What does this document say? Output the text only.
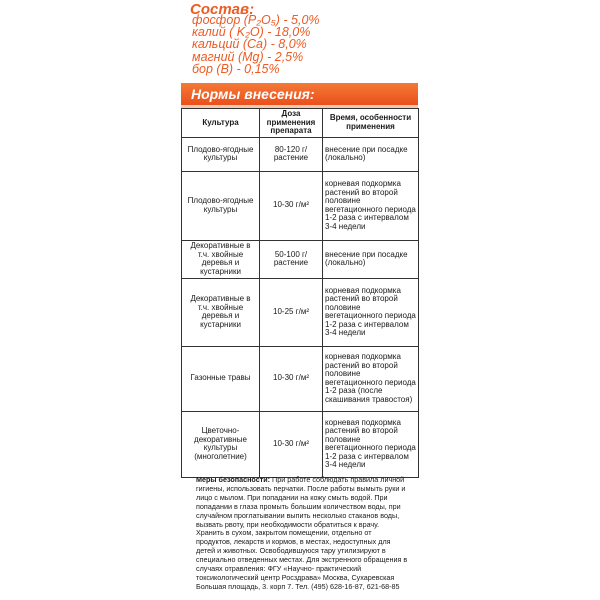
Состав:
фосфор (P₂O₅) - 5,0%
калий ( K₂O) - 18,0%
кальций (Ca) - 8,0%
магний (Mg) - 2,5%
бор (B) - 0,15%
Нормы внесения:
Культура	Доза применения препарата	Время, особенности применения
Плодово-ягодные культуры	80-120 г/растение	внесение при посадке (локально)
Плодово-ягодные культуры	10-30 г/м²	корневая подкормка растений во второй половине вегетационного периода 1-2 раза с интервалом 3-4 недели
Декоративные в т.ч. хвойные деревья и кустарники	50-100 г/растение	внесение при посадке (локально)
Декоративные в т.ч. хвойные деревья и кустарники	10-25 г/м²	корневая подкормка растений во второй половине вегетационного периода 1-2 раза с интервалом 3-4 недели
Газонные травы	10-30 г/м²	корневая подкормка растений во второй половине вегетационного периода 1-2 раза (после скашивания травостоя)
Цветочно-декоративные культуры (многолетние)	10-30 г/м²	корневая подкормка растений во второй половине вегетационного периода 1-2 раза с интервалом 3-4 недели
Меры безопасности: При работе соблюдать правила личной гигиены, использовать перчатки. После работы вымыть руки и лицо с мылом. При попадании на кожу смыть водой. При попадании в глаза промыть большим количеством воды, при случайном проглатывании выпить несколько стаканов воды, вызвать рвоту, при необходимости обратиться к врачу. Хранить в сухом, закрытом помещении, отдельно от продуктов, лекарств и кормов, в местах, недоступных для детей и животных. Освободившуюся тару утилизируют в специально отведенных местах. Для экстренного обращения в случаях отравления: ФГУ «Научно- практический токсикологический центр Росздрава» Москва, Сухаревская Большая площадь, 3. корп 7. Тел. (495) 628-16-87, 621-68-85
